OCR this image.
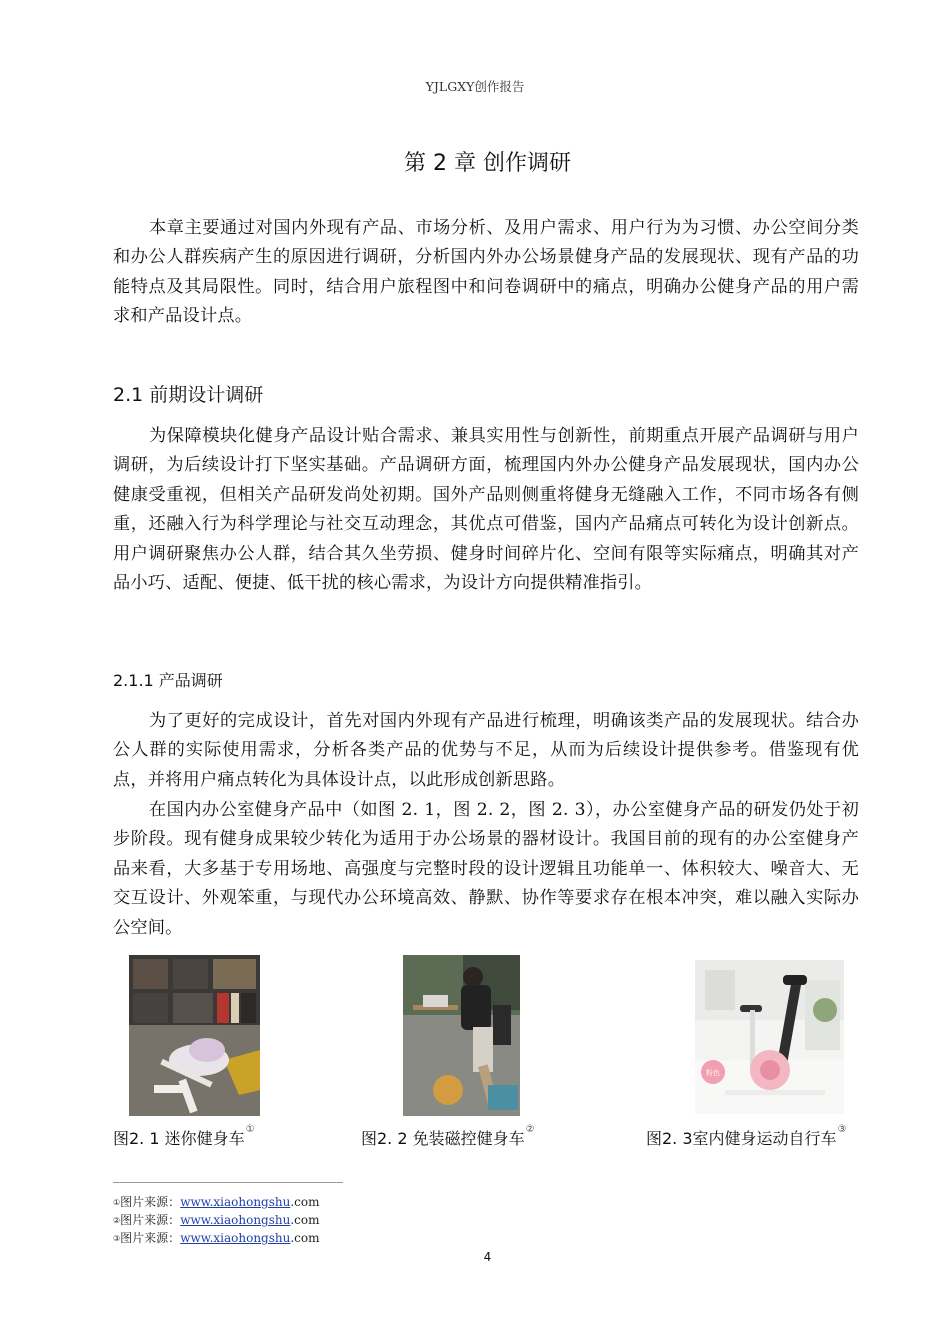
YJLGXY创作报告
第 2 章 创作调研

本章主要通过对国内外现有产品、市场分析、及用户需求、用户行为为习惯、办公空间分类和办公人群疾病产生的原因进行调研，分析国内外办公场景健身产品的发展现状、现有产品的功能特点及其局限性。同时，结合用户旅程图中和问卷调研中的痛点，明确办公健身产品的用户需求和产品设计点。

2.1 前期设计调研

为保障模块化健身产品设计贴合需求、兼具实用性与创新性，前期重点开展产品调研与用户调研，为后续设计打下坚实基础。产品调研方面，梳理国内外办公健身产品发展现状，国内办公健康受重视，但相关产品研发尚处初期。国外产品则侧重将健身无缝融入工作，不同市场各有侧重，还融入行为科学理论与社交互动理念，其优点可借鉴，国内产品痛点可转化为设计创新点。用户调研聚焦办公人群，结合其久坐劳损、健身时间碎片化、空间有限等实际痛点，明确其对产品小巧、适配、便捷、低干扰的核心需求，为设计方向提供精准指引。

2.1.1 产品调研

为了更好的完成设计，首先对国内外现有产品进行梳理，明确该类产品的发展现状。结合办公人群的实际使用需求，分析各类产品的优势与不足，从而为后续设计提供参考。借鉴现有优点，并将用户痛点转化为具体设计点，以此形成创新思路。

在国内办公室健身产品中（如图 2. 1，图 2. 2，图 2. 3），办公室健身产品的研发仍处于初步阶段。现有健身成果较少转化为适用于办公场景的器材设计。我国目前的现有的办公室健身产品来看，大多基于专用场地、高强度与完整时段的设计逻辑且功能单一、体积较大、噪音大、无交互设计、外观笨重，与现代办公环境高效、静默、协作等要求存在根本冲突，难以融入实际办公空间。

图2. 1 迷你健身车①	图2. 2 免装磁控健身车②
粉色
图2. 3室内健身运动自行车③
①图片来源：www.xiaohongshu.com
②图片来源：www.xiaohongshu.com
③图片来源：www.xiaohongshu.com
4
